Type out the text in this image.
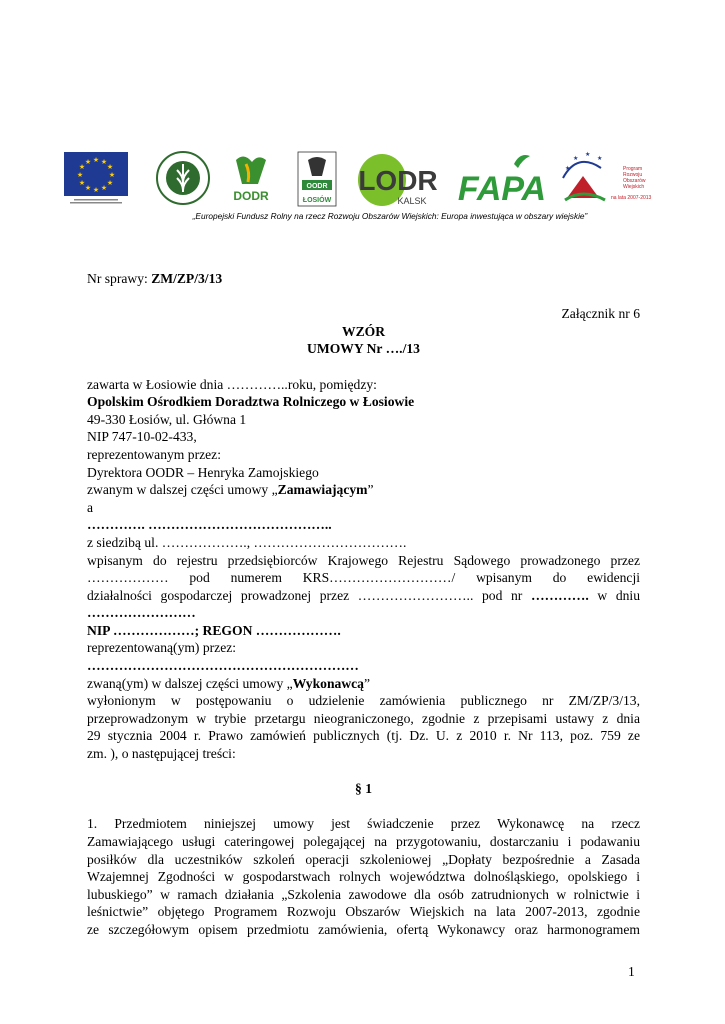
★ ★
★
★
★
★
★
★
★
★
★
★
DODR
OODR
ŁOSIÓW
LODR
KALSK FAPA
★
★
★
★
Program
Rozwoju
Obszarów
Wiejskich
na lata 2007-2013
„Europejski Fundusz Rolny na rzecz Rozwoju Obszarów Wiejskich: Europa inwestująca w obszary wiejskie”
Nr sprawy: ZM/ZP/3/13
Załącznik nr 6
WZÓR
UMOWY Nr …./13
zawarta w Łosiowie dnia …………..roku, pomiędzy:
Opolskim Ośrodkiem Doradztwa Rolniczego w Łosiowie
49-330 Łosiów, ul. Główna 1
NIP 747-10-02-433,
reprezentowanym przez:
Dyrektora OODR – Henryka Zamojskiego
zwanym w dalszej części umowy „Zamawiającym”
a
…………. …………………………………..
z siedzibą ul. ………………., …………………………….
wpisanym do rejestru przedsiębiorców Krajowego Rejestru Sądowego prowadzonego przez
……………… pod numerem KRS………………………/ wpisanym do ewidencji
działalności gospodarczej prowadzonej przez …………………….. pod nr …………. w dniu
……………………
NIP ………………; REGON ……………….
reprezentowaną(ym) przez:
……………………………………………………
zwaną(ym) w dalszej części umowy „Wykonawcą”
wyłonionym w postępowaniu o udzielenie zamówienia publicznego nr ZM/ZP/3/13,
przeprowadzonym w trybie przetargu nieograniczonego, zgodnie z przepisami ustawy z dnia
29 stycznia 2004 r. Prawo zamówień publicznych (tj. Dz. U. z 2010 r. Nr 113, poz. 759 ze
zm. ), o następującej treści:
§ 1
1. Przedmiotem niniejszej umowy jest świadczenie przez Wykonawcę na rzecz
Zamawiającego usługi cateringowej polegającej na przygotowaniu, dostarczaniu i podawaniu
posiłków dla uczestników szkoleń operacji szkoleniowej „Dopłaty bezpośrednie a Zasada
Wzajemnej Zgodności w gospodarstwach rolnych województwa dolnośląskiego, opolskiego i
lubuskiego” w ramach działania „Szkolenia zawodowe dla osób zatrudnionych w rolnictwie i
leśnictwie” objętego Programem Rozwoju Obszarów Wiejskich na lata 2007-2013, zgodnie
ze szczegółowym opisem przedmiotu zamówienia, ofertą Wykonawcy oraz harmonogramem
1
